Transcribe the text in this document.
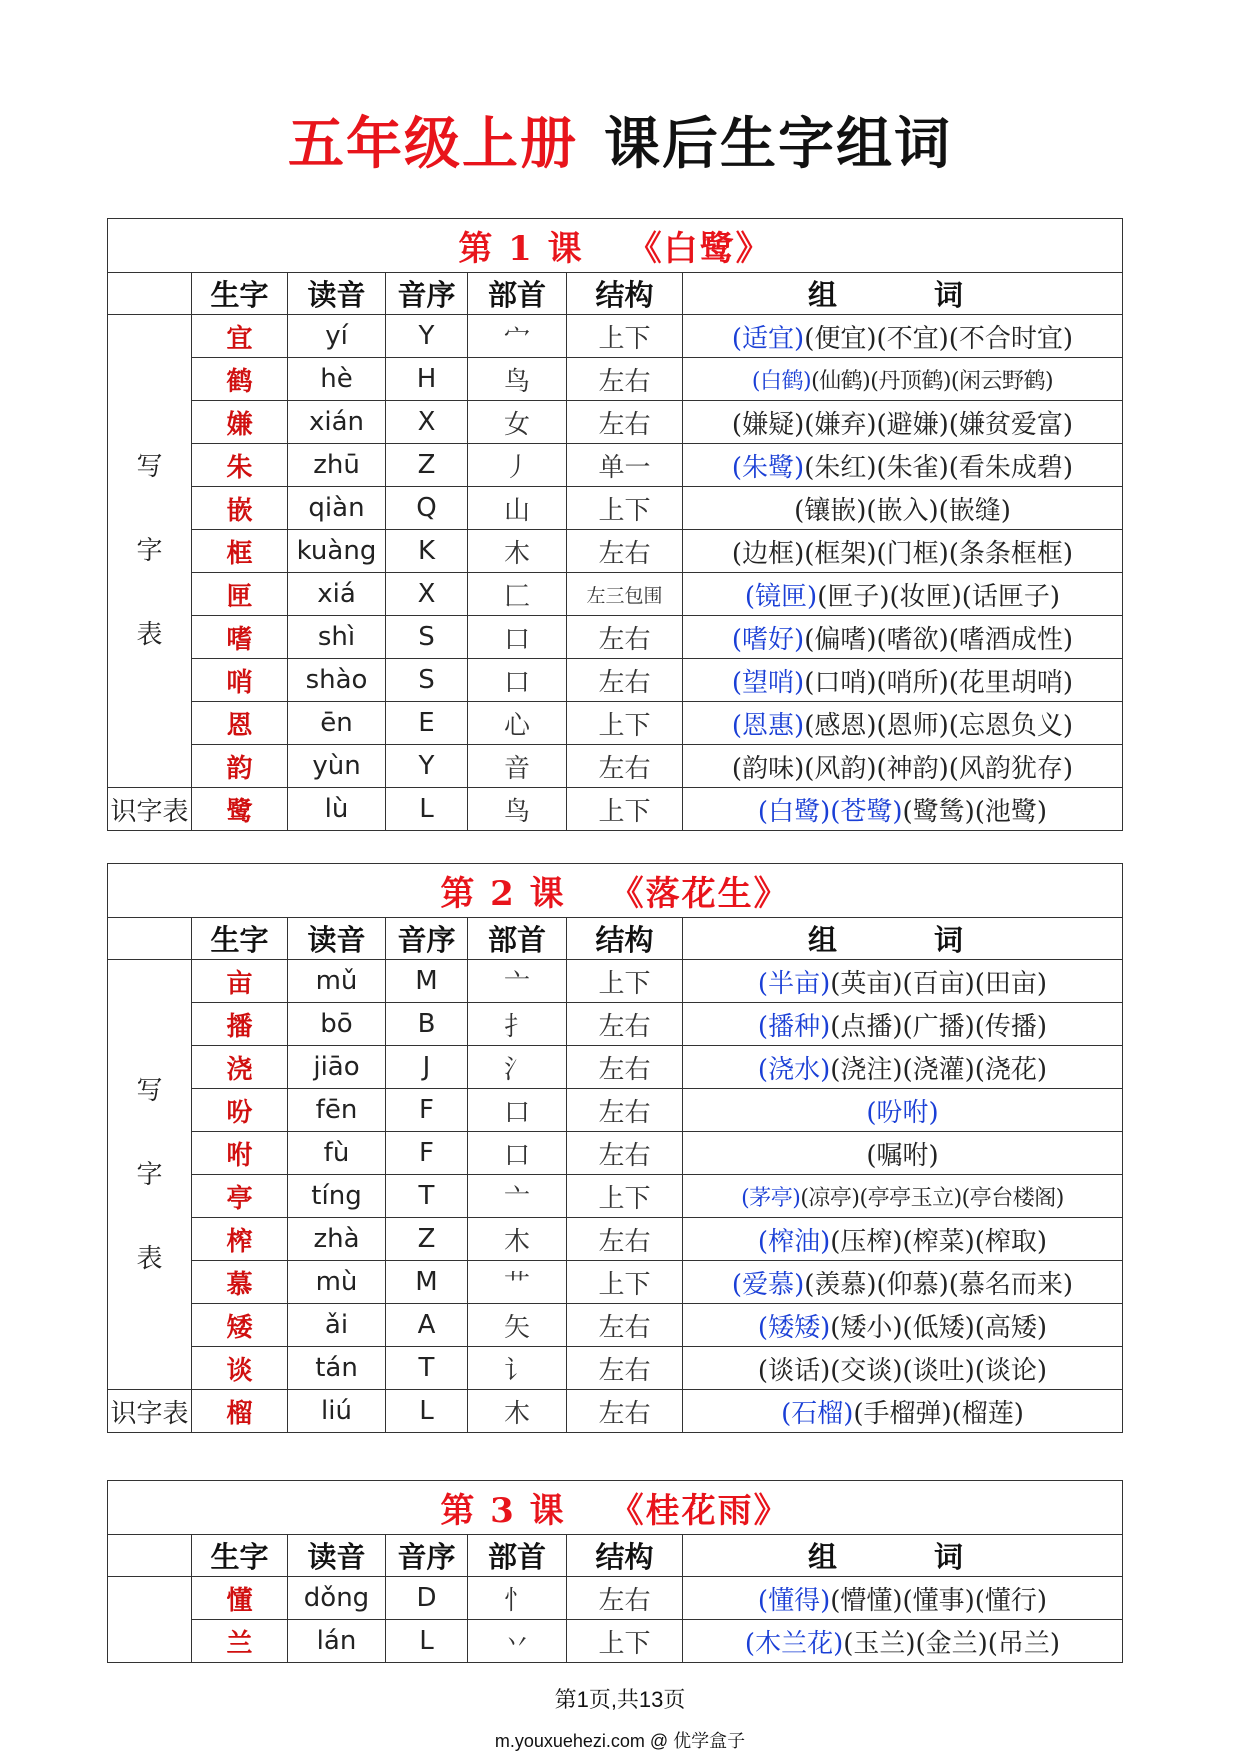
五年级上册 课后生字组词
第 1 课 《白鹭》						
	生字	读音	音序	部首	结构	组　词
写
字
表	宜	yí	Y	宀	上下	(适宜)(便宜)(不宜)(不合时宜)
	鹤	hè	H	鸟	左右	(白鹤)(仙鹤)(丹顶鹤)(闲云野鹤)
	嫌	xián	X	女	左右	(嫌疑)(嫌弃)(避嫌)(嫌贫爱富)
	朱	zhū	Z	丿	单一	(朱鹭)(朱红)(朱雀)(看朱成碧)
	嵌	qiàn	Q	山	上下	(镶嵌)(嵌入)(嵌缝)
	框	kuàng	K	木	左右	(边框)(框架)(门框)(条条框框)
	匣	xiá	X	匚	左三包围	(镜匣)(匣子)(妆匣)(话匣子)
	嗜	shì	S	口	左右	(嗜好)(偏嗜)(嗜欲)(嗜酒成性)
	哨	shào	S	口	左右	(望哨)(口哨)(哨所)(花里胡哨)
	恩	ēn	E	心	上下	(恩惠)(感恩)(恩师)(忘恩负义)
	韵	yùn	Y	音	左右	(韵味)(风韵)(神韵)(风韵犹存)
识字表	鹭	lù	L	鸟	上下	(白鹭)(苍鹭)(鹭鸶)(池鹭)
第 2 课 《落花生》						
	生字	读音	音序	部首	结构	组　词
写
字
表	亩	mǔ	M	亠	上下	(半亩)(英亩)(百亩)(田亩)
	播	bō	B	扌	左右	(播种)(点播)(广播)(传播)
	浇	jiāo	J	氵	左右	(浇水)(浇注)(浇灌)(浇花)
	吩	fēn	F	口	左右	(吩咐)
	咐	fù	F	口	左右	(嘱咐)
	亭	tíng	T	亠	上下	(茅亭)(凉亭)(亭亭玉立)(亭台楼阁)
	榨	zhà	Z	木	左右	(榨油)(压榨)(榨菜)(榨取)
	慕	mù	M	艹	上下	(爱慕)(羡慕)(仰慕)(慕名而来)
	矮	ǎi	A	矢	左右	(矮矮)(矮小)(低矮)(高矮)
	谈	tán	T	讠	左右	(谈话)(交谈)(谈吐)(谈论)
识字表	榴	liú	L	木	左右	(石榴)(手榴弹)(榴莲)
第 3 课 《桂花雨》						
	生字	读音	音序	部首	结构	组　词
	懂	dǒng	D	忄	左右	(懂得)(懵懂)(懂事)(懂行)
	兰	lán	L	丷	上下	(木兰花)(玉兰)(金兰)(吊兰)
第1页,共13页
m.youxuehezi.com @ 优学盒子
